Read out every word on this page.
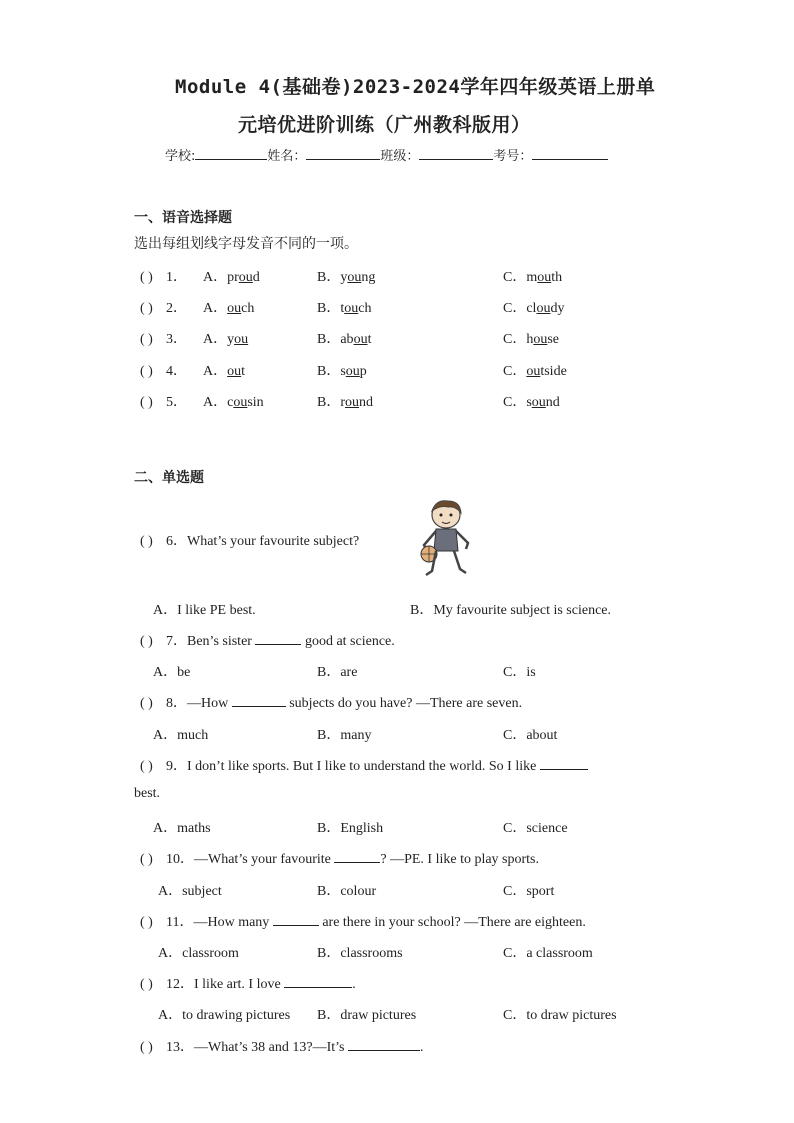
Module 4(基础卷)2023-2024学年四年级英语上册单
元培优进阶训练（广州教科版用）
学校:	姓名：	班级：	考号：
一、语音选择题
选出每组划线字母发音不同的一项。
( ) 1． A．proud	B．young	C．mouth
( ) 2． A．ouch	B．touch	C．cloudy
( ) 3． A．you	B．about	C．house
( ) 4． A．out	B．soup	C．outside
( ) 5． A．cousin	B．round	C．sound
二、单选题
( ) 6．What’s your favourite subject?
A．I like PE best.	B．My favourite subject is science.
( ) 7．Ben’s sister	good at science.
A．be	B．are	C．is
( ) 8．—How	subjects do you have? —There are seven.
A．much	B．many	C．about
( ) 9．I don’t like sports. But I like to understand the world. So I like
best.
A．maths	B．English	C．science
( ) 10．—What’s your favourite	? —PE. I like to play sports.
A．subject	B．colour	C．sport
( ) 11．—How many	are there in your school? —There are eighteen.
A．classroom	B．classrooms	C．a classroom
( ) 12．I like art. I love	.
A．to drawing pictures B．draw pictures	C．to draw pictures
( ) 13．—What’s 38 and 13?—It’s	.
